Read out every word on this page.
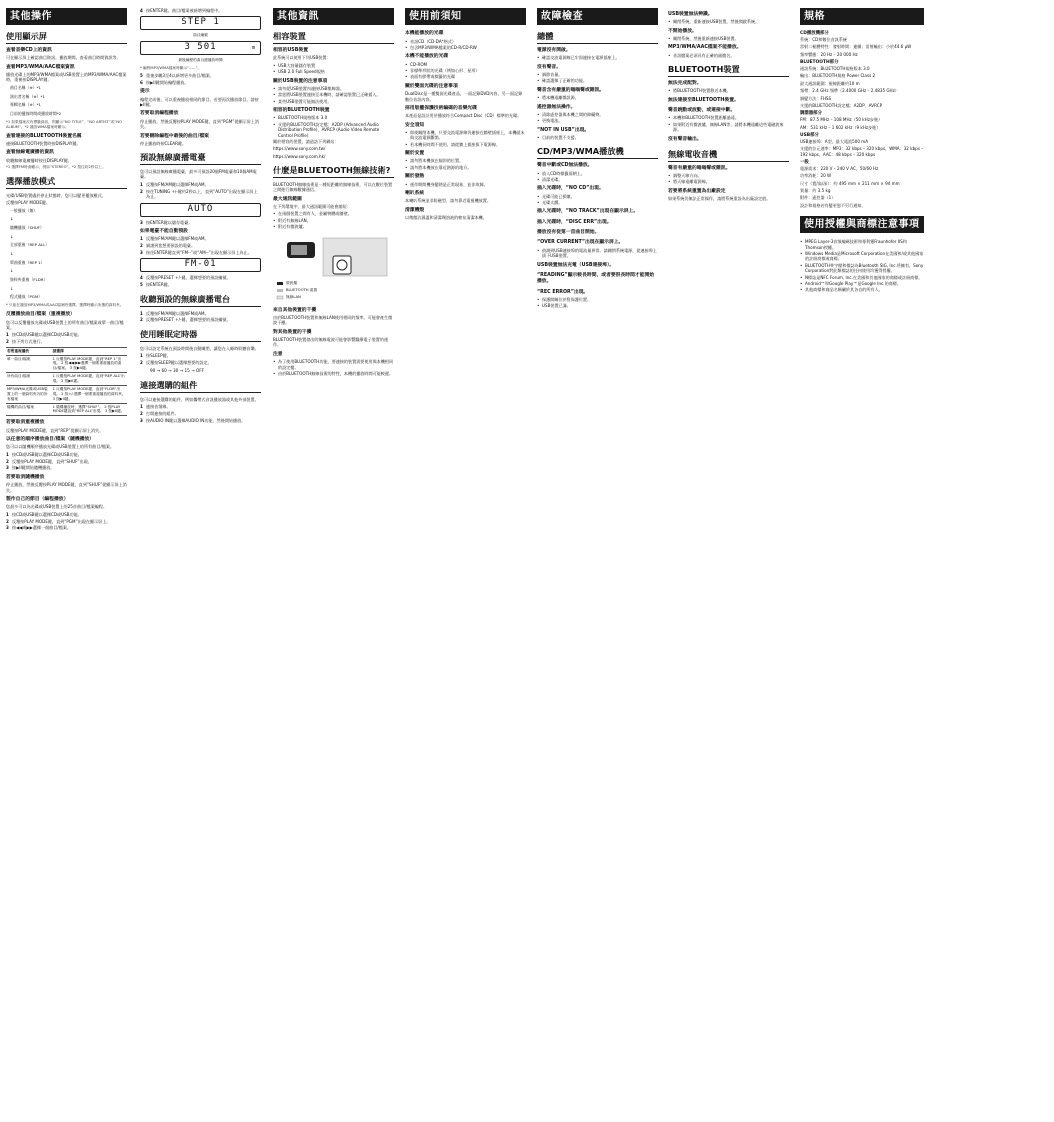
其他操作
使用顯示屏
查看音樂CD上的資訊
可在顯示屏上確認曲目資訊。播放期間，查看曲目時間資訊等。
查看MP3/WMA/AAC檔案資訊
播放光碟上的MP3/WMA檔案或USB裝置上的MP3/WMA/AAC檔案時，重複按DISPLAY鍵。
曲目名稱（※）*1
演出者名稱（※）*1
專輯名稱（※）*1
目前的播放時間或播放時間*2
*1 如果檔案沒有標籤資訊，則顯示“NO TITLE”、“NO ARTIST”或“NO ALBUM”。*2 播放WMA檔案時顯示。
查看連接的BLUETOOTH裝置名稱
連接BLUETOOTH裝置時按DISPLAY鍵。
查看無線電廣播的資訊
收聽無線電廣播時按住DISPLAY鍵。
*1 選擇FM時會顯示，例如“STEREO”。*2 按住約2秒以上。
選擇播放模式
光碟/USB裝置處於停止狀態時，您可以變更播放模式。
反覆按PLAY MODE鍵。
一般播放（無）
↓
隨機播放（SHUF）
↓
全部重複（REP ALL）
↓
單曲重複（REP 1）
↓
資料夾重複（FLDR）
↓
程式播放（PGM）
* 只能在播放MP3/WMA或AAC檔案時選擇。選擇時顯示所選的資料夾。
反覆播放曲目/檔案（重複播放）
您可以反覆播放光碟或USB裝置上的所有曲目/檔案或單一曲目/檔案。
1 按CD或USB鍵以選擇CD或USB功能。
2 按下列方式進行。
若要重複播放	請選擇
單一曲目/檔案	1 反覆按PLAY MODE鍵，直到“REP 1”出現。 2 按◀◀/▶▶選擇一個要重複播放的曲目/檔案。 3 按▶II鍵。
所有曲目/檔案	1 反覆按PLAY MODE鍵，直到“REP ALL”出現。 2 按▶II鍵。
MP3/WMA光碟或USB裝置上的一個資料夾內的所有檔案	1 反覆按PLAY MODE鍵，直到“FLDR”出現。 2 按+/-選擇一個要重複播放的資料夾。 3 按▶II鍵。
隨機的曲目/檔案	1 隨機播放時，選擇“SHUF”。 2 按PLAY MODE鍵直到“REP ALL”出現。 3 按▶II鍵。
若要取消重複播放
反覆按PLAY MODE鍵，直到“REP”從顯示屏上消失。
以任意的順序播放曲目/檔案（隨機播放）
您可以以隨機順序播放光碟或USB裝置上的所有曲目/檔案。
1 按CD或USB鍵以選擇CD或USB功能。
2 反覆按PLAY MODE鍵，直到“SHUF”出現。
3 按▶II鍵開始隨機播放。
若要取消隨機播放
停止播放，然後反覆按PLAY MODE鍵，直到“SHUF”從顯示屏上消失。
製作自己的節目（編程播放）
您最多可以為光碟或USB裝置上的25首曲目/檔案編程。
1 按CD或USB鍵以選擇CD或USB功能。
2 反覆按PLAY MODE鍵，直到“PGM”出現在顯示屏上。
3 按◀◀或▶▶選擇一個曲目/檔案。
4 按ENTER鍵。曲目/檔案被新增到編程中。
STEP 1
曲目編號
3 501	m
最後編程的曲目總播放時間
* 編程MP3/WMA檔案時顯示“--.--”。
5 重複步驟3至4以新增更多曲目/檔案。
6 按▶II鍵開始編程播放。
提示
編程完成後，可以重複播放相同的節目。若要再次播放節目，請按▶II鍵。
若要取消編程播放
停止播放，然後反覆按PLAY MODE鍵，直到“PGM”從顯示屏上消失。
若要刪除編程中最後的曲目/檔案
停止播放時按CLEAR鍵。
預設無線廣播電臺
您可以預設無線廣播電臺，最多可預設20個FM電臺和10個AM電臺。
1 反覆按FM/AM鍵以選擇FM或AM。
2 按住TUNING +/-鍵約2秒以上，直到“AUTO”出現在顯示屏上為止。
AUTO
3 按ENTER鍵以儲存電臺。
如果電臺不能自動預設
1 反覆按FM/AM鍵以選擇FM或AM。
2 調諧到您想要預設的電臺。
3 按住ENTER鍵直到“FM--”或“AM--”出現在顯示屏上為止。
FM-01
4 反覆按PRESET +/-鍵，選擇想要的預設編號。
5 按ENTER鍵。
收聽預設的無線廣播電台
1 反覆按FM/AM鍵以選擇FM或AM。
2 反覆按PRESET +/-鍵，選擇想要的預設編號。
使用睡眠定時器
您可以設定系統在預設時間後自動關閉，讓您在入睡時聆聽音樂。
1 按SLEEP鍵。
2 反覆按SLEEP鍵以選擇想要的設定。
90 → 60 → 30 → 15 → OFF
連接選購的組件
您可以連接選購的組件，例如攜帶式音訊播放器或其他外部裝置。
1 連接音頻線。
2 打開連接的組件。
3 按AUDIO IN鍵以選擇AUDIO IN功能，然後開始播放。
其他資訊
相容裝置
相容的USB裝置
此系統可以使用下列USB裝置：
• USB大容量儲存裝置
• USB 2.0 Full Speed規格
關於USB裝置的注意事項
• 請勿從USB裝置內連接USB集線器。
• 當您將USB裝置連接至本機時，請確認裝置已正確插入。
• 某些USB裝置可能無法使用。
相容的BLUETOOTH裝置
• BLUETOOTH規格版本 3.0
• 支援的BLUETOOTH設定檔：A2DP (Advanced Audio Distribution Profile)、AVRCP (Audio Video Remote Control Profile)
關於相容的裝置，請造訪下列網站：
https://www.sony.com.tw/
https://www.sony.com.hk/
什麼是BLUETOOTH無線技術?
BLUETOOTH無線技術是一種短距離的無線技術，可以在數位裝置之間進行無線數據通信。
最大通訊範圍
在下列環境中，最大通訊範圍可能會縮短：
• 在兩個裝置之間有人、金屬物體或牆壁。
• 附近有無線LAN。
• 附近有微波爐。
微波爐
BLUETOOTH 裝置
無線LAN
來自其他裝置的干擾
由於BLUETOOTH裝置和無線LAN使用相同的頻率，可能會產生微波干擾。
對其他裝置的干擾
BLUETOOTH裝置發出的無線電波可能會影響醫療電子裝置的運作。
注意
• 為了使用BLUETOOTH功能，要連接的裝置需要使用與本機相同的設定檔。
• 由於BLUETOOTH無線技術的特性，本機的播放時間可能較遲。
使用前須知
本機能播放的光碟
• 音訊CD（CD-DA*格式）
• 包含MP3/WMA檔案的CD-R/CD-RW
本機不能播放的光碟
• CD-ROM
• 非標準形狀的光碟（例如心形、星形）
• 表面有膠帶或標籤的光碟
關於雙面光碟的注意事項
DualDisc是一種雙面光碟產品，一面記錄DVD內容，另一面記錄數位音訊內容。
採用版權保護技術編碼的音樂光碟
本產品是設計用於播放符合Compact Disc（CD）標準的光碟。
安全須知
• 即使關閉本機，只要交流電源線仍連接在牆壁插座上，本機就未與交流電源斷開。
• 若本機長時間不使用，請從牆上插座拔下電源線。
關於安置
• 請勿將本機放在傾斜的位置。
• 請勿將本機放在靠近熱源的地方。
關於發熱
• 運作期間機身變熱是正常現象，並非故障。
喇叭系統
本喇叭系統並非防磁型，請勿靠近電視機放置。
清潔機殼
以稍微沾濕溫和清潔劑溶液的軟布清潔本機。
故障檢查
總體
電源沒有開啟。
• 確認交流電源線已牢固連接在電源插座上。
沒有聲音。
• 調節音量。
• 確認選擇了正確的功能。
聲音含有嚴重的嗡嗡聲或雜訊。
• 將本機遠離雜訊源。
遙控器無法操作。
• 清除遙控器與本機之間的障礙物。
• 更換電池。
“NOT IN USB”出現。
• 目前的裝置不支援。
CD/MP3/WMA播放機
聲音中斷或CD無法播放。
• 放入CD時標籤面朝上。
• 清潔光碟。
插入光碟時，“NO CD”出現。
• 光碟可能已損壞。
• 光碟太髒。
插入光碟時，“NO TRACK”出現在顯示屏上。
插入光碟時，“DISC ERR”出現。
播放沒有從第一首曲目開始。
“OVER CURRENT”出現在顯示屏上。
• 偵測到USB連接埠的電流量異常。請關閉系統電源，從連接埠上拔下USB裝置。
USB裝置無法充電（USB連接埠）。
“READING”顯示較長時間，或者要很長時間才能開始播放。
“REC ERROR”出現。
• 保護開關位於寫保護位置。
• USB裝置已滿。
USB裝置無法辨識。
• 關閉系統，重新連接USB裝置，然後開啟系統。
不開始播放。
• 關閉系統，然後重新連接USB裝置。
MP3/WMA/AAC檔案不能播放。
• 音訊檔案必須具有正確的副檔名。
BLUETOOTH裝置
無法完成配對。
• 將BLUETOOTH裝置移近本機。
無法連接至BLUETOOTH裝置。
聲音跳動或波動，或連接中斷。
• 本機和BLUETOOTH裝置距離過遠。
• 如果附近有微波爐、無線LAN等，請將本機遠離這些電磁波來源。
沒有聲音輸出。
無線電收音機
聲音有嚴重的嗡嗡聲或雜訊。
• 調整天線方向。
• 將天線遠離電源線。
若要將系統重置為出廠設定
如果系統仍無法正常操作，請將系統重設為出廠設定值。
規格
CD播放機部分
系統：CD和數位音訊系統
雷射二極體特性：發射時間：連續；雷射輸出：小於44.6 μW
頻率響應：20 Hz – 20 000 Hz
BLUETOOTH部分
通訊系統：BLUETOOTH規格版本 3.0
輸出：BLUETOOTH規格 Power Class 2
最大通訊範圍：視線距離約10 m
頻帶：2.4 GHz 頻帶（2.4000 GHz – 2.4835 GHz）
調變方法：FHSS
支援的BLUETOOTH設定檔：A2DP、AVRCP
調諧器部分
FM：87.5 MHz – 108 MHz（50 kHz步進）
AM：531 kHz – 1 602 kHz（9 kHz步進）
USB部分
USB連接埠：A型，最大電流500 mA
支援的位元速率：MP3：32 kbps – 320 kbps，WMA：32 kbps – 192 kbps，AAC：48 kbps – 320 kbps
一般
電源需求：220 V – 240 V AC，50/60 Hz
功率消耗：20 W
尺寸（寬/高/深）：約 495 mm × 211 mm × 94 mm
質量：約 3.5 kg
附件：遙控器（1）
設計和規格若有變更恕不另行通知。
使用授權與商標注意事項
• MPEG Layer-3音頻編碼技術和專利獲Fraunhofer IIS和Thomson授權。
• Windows Media是Microsoft Corporation在美國和/或其他國家的註冊商標或商標。
• BLUETOOTH®字標和標誌為Bluetooth SIG, Inc.所擁有，Sony Corporation對此類標誌的任何使用均獲得授權。
• N標誌是NFC Forum, Inc.在美國和其他國家的商標或註冊商標。
• Android™和Google Play™是Google Inc.的商標。
• 其他商標和商品名稱屬於其各自的所有人。
